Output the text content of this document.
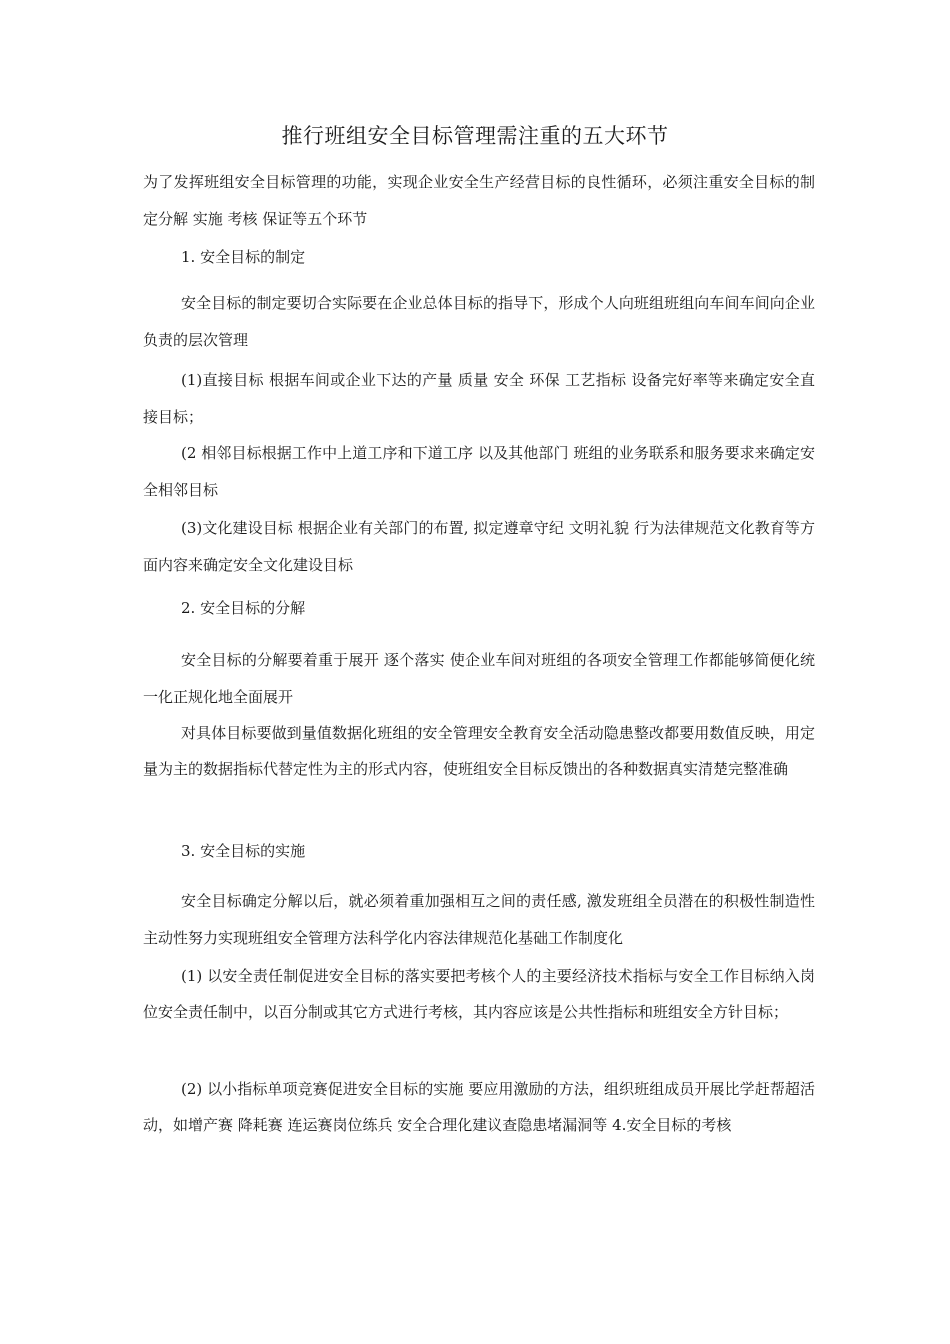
推行班组安全目标管理需注重的五大环节

为了发挥班组安全目标管理的功能，实现企业安全生产经营目标的良性循环，必须注重安全目标的制定分解 实施 考核 保证等五个环节

1. 安全目标的制定

安全目标的制定要切合实际要在企业总体目标的指导下，形成个人向班组班组向车间车间向企业负责的层次管理

(1)直接目标 根据车间或企业下达的产量 质量 安全 环保 工艺指标 设备完好率等来确定安全直接目标；

(2 相邻目标根据工作中上道工序和下道工序 以及其他部门 班组的业务联系和服务要求来确定安全相邻目标

(3)文化建设目标 根据企业有关部门的布置, 拟定遵章守纪 文明礼貌 行为法律规范文化教育等方面内容来确定安全文化建设目标

2. 安全目标的分解

安全目标的分解要着重于展开 逐个落实 使企业车间对班组的各项安全管理工作都能够简便化统一化正规化地全面展开

对具体目标要做到量值数据化班组的安全管理安全教育安全活动隐患整改都要用数值反映，用定量为主的数据指标代替定性为主的形式内容，使班组安全目标反馈出的各种数据真实清楚完整准确

3. 安全目标的实施

安全目标确定分解以后，就必须着重加强相互之间的责任感, 激发班组全员潜在的积极性制造性主动性努力实现班组安全管理方法科学化内容法律规范化基础工作制度化

(1) 以安全责任制促进安全目标的落实要把考核个人的主要经济技术指标与安全工作目标纳入岗位安全责任制中，以百分制或其它方式进行考核，其内容应该是公共性指标和班组安全方针目标；

(2) 以小指标单项竞赛促进安全目标的实施 要应用激励的方法，组织班组成员开展比学赶帮超活动，如增产赛 降耗赛 连运赛岗位练兵 安全合理化建议查隐患堵漏洞等 4.安全目标的考核
